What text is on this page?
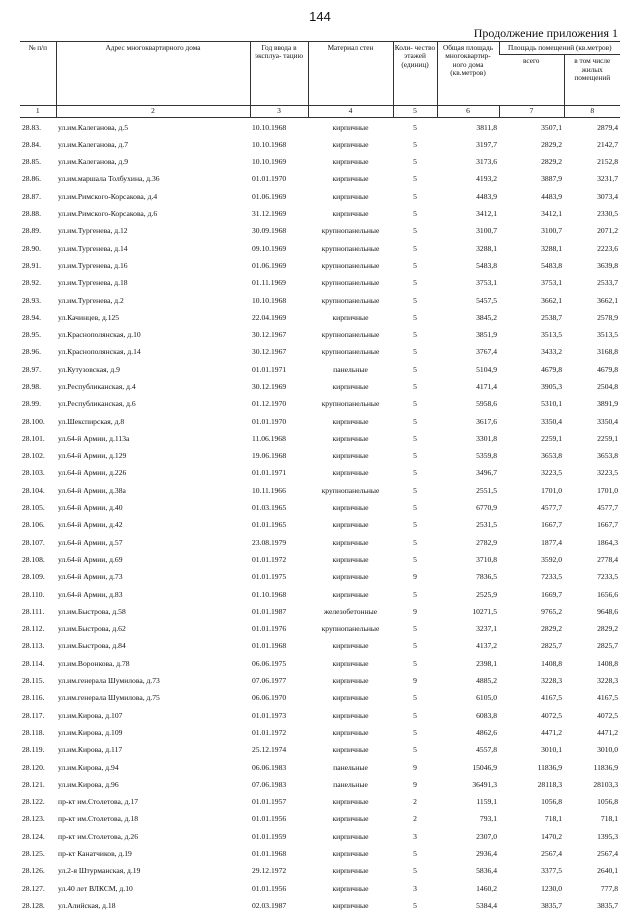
144
Продолжение приложения 1
№ п/п	Адрес многоквартирного дома	Год ввода в эксплуа- тацию	Материал стен	Коли- чество этажей (единиц)	Общая площадь многоквартир- ного дома (кв.метров)	Площадь помещений (кв.метров)	
						всего	в том числе жилых помещений
1	2	3	4	5	6	7	8
28.83.	ул.им.Калеганова, д.5	10.10.1968	кирпичные	5	3811,8	3507,1	2879,4
28.84.	ул.им.Калеганова, д.7	10.10.1968	кирпичные	5	3197,7	2829,2	2142,7
28.85.	ул.им.Калеганова, д.9	10.10.1969	кирпичные	5	3173,6	2829,2	2152,8
28.86.	ул.им.маршала Толбухина, д.36	01.01.1970	кирпичные	5	4193,2	3887,9	3231,7
28.87.	ул.им.Римского-Корсакова, д.4	01.06.1969	кирпичные	5	4483,9	4483,9	3073,4
28.88.	ул.им.Римского-Корсакова, д.6	31.12.1969	кирпичные	5	3412,1	3412,1	2330,5
28.89.	ул.им.Тургенева, д.12	30.09.1968	крупнопанельные	5	3100,7	3100,7	2071,2
28.90.	ул.им.Тургенева, д.14	09.10.1969	крупнопанельные	5	3288,1	3288,1	2223,6
28.91.	ул.им.Тургенева, д.16	01.06.1969	крупнопанельные	5	5483,8	5483,8	3639,8
28.92.	ул.им.Тургенева, д.18	01.11.1969	крупнопанельные	5	3753,1	3753,1	2533,7
28.93.	ул.им.Тургенева, д.2	10.10.1968	крупнопанельные	5	5457,5	3662,1	3662,1
28.94.	ул.Качинцев, д.125	22.04.1969	кирпичные	5	3845,2	2538,7	2578,9
28.95.	ул.Краснополянская, д.10	30.12.1967	крупнопанельные	5	3851,9	3513,5	3513,5
28.96.	ул.Краснополянская, д.14	30.12.1967	крупнопанельные	5	3767,4	3433,2	3168,8
28.97.	ул.Кутузовская, д.9	01.01.1971	панельные	5	5104,9	4679,8	4679,8
28.98.	ул.Республиканская, д.4	30.12.1969	кирпичные	5	4171,4	3905,3	2504,8
28.99.	ул.Республиканская, д.6	01.12.1970	крупнопанельные	5	5958,6	5310,1	3891,9
28.100.	ул.Шекспирская, д.8	01.01.1970	кирпичные	5	3617,6	3350,4	3350,4
28.101.	ул.64-й Армии, д.113а	11.06.1968	кирпичные	5	3301,8	2259,1	2259,1
28.102.	ул.64-й Армии, д.129	19.06.1968	кирпичные	5	5359,8	3653,8	3653,8
28.103.	ул.64-й Армии, д.226	01.01.1971	кирпичные	5	3496,7	3223,5	3223,5
28.104.	ул.64-й Армии, д.38а	10.11.1966	крупнопанельные	5	2551,5	1701,0	1701,0
28.105.	ул.64-й Армии, д.40	01.03.1965	кирпичные	5	6770,9	4577,7	4577,7
28.106.	ул.64-й Армии, д.42	01.01.1965	кирпичные	5	2531,5	1667,7	1667,7
28.107.	ул.64-й Армии, д.57	23.08.1979	кирпичные	5	2782,9	1877,4	1864,3
28.108.	ул.64-й Армии, д.69	01.01.1972	кирпичные	5	3710,8	3592,0	2778,4
28.109.	ул.64-й Армии, д.73	01.01.1975	кирпичные	9	7836,5	7233,5	7233,5
28.110.	ул.64-й Армии, д.83	01.10.1968	кирпичные	5	2525,9	1669,7	1656,6
28.111.	ул.им.Быстрова, д.58	01.01.1987	железобетонные	9	10271,5	9765,2	9648,6
28.112.	ул.им.Быстрова, д.62	01.01.1976	крупнопанельные	5	3237,1	2829,2	2829,2
28.113.	ул.им.Быстрова, д.84	01.01.1968	кирпичные	5	4137,2	2825,7	2825,7
28.114.	ул.им.Воронкова, д.78	06.06.1975	кирпичные	5	2398,1	1408,8	1408,8
28.115.	ул.им.генерала Шумилова, д.73	07.06.1977	кирпичные	9	4885,2	3228,3	3228,3
28.116.	ул.им.генерала Шумилова, д.75	06.06.1970	кирпичные	5	6105,0	4167,5	4167,5
28.117.	ул.им.Кирова, д.107	01.01.1973	кирпичные	5	6083,8	4072,5	4072,5
28.118.	ул.им.Кирова, д.109	01.01.1972	кирпичные	5	4862,6	4471,2	4471,2
28.119.	ул.им.Кирова, д.117	25.12.1974	кирпичные	5	4557,8	3010,1	3010,0
28.120.	ул.им.Кирова, д.94	06.06.1983	панельные	9	15046,9	11836,9	11836,9
28.121.	ул.им.Кирова, д.96	07.06.1983	панельные	9	36491,3	28118,3	28103,3
28.122.	пр-кт им.Столетова, д.17	01.01.1957	кирпичные	2	1159,1	1056,8	1056,8
28.123.	пр-кт им.Столетова, д.18	01.01.1956	кирпичные	2	793,1	718,1	718,1
28.124.	пр-кт им.Столетова, д.26	01.01.1959	кирпичные	3	2307,0	1470,2	1395,3
28.125.	пр-кт Канатчиков, д.19	01.01.1968	кирпичные	5	2936,4	2567,4	2567,4
28.126.	ул.2-я Штурманская, д.19	29.12.1972	кирпичные	5	5836,4	3377,5	2640,1
28.127.	ул.40 лет ВЛКСМ, д.10	01.01.1956	кирпичные	3	1460,2	1230,0	777,8
28.128.	ул.Алийская, д.18	02.03.1987	кирпичные	5	5384,4	3835,7	3835,7
